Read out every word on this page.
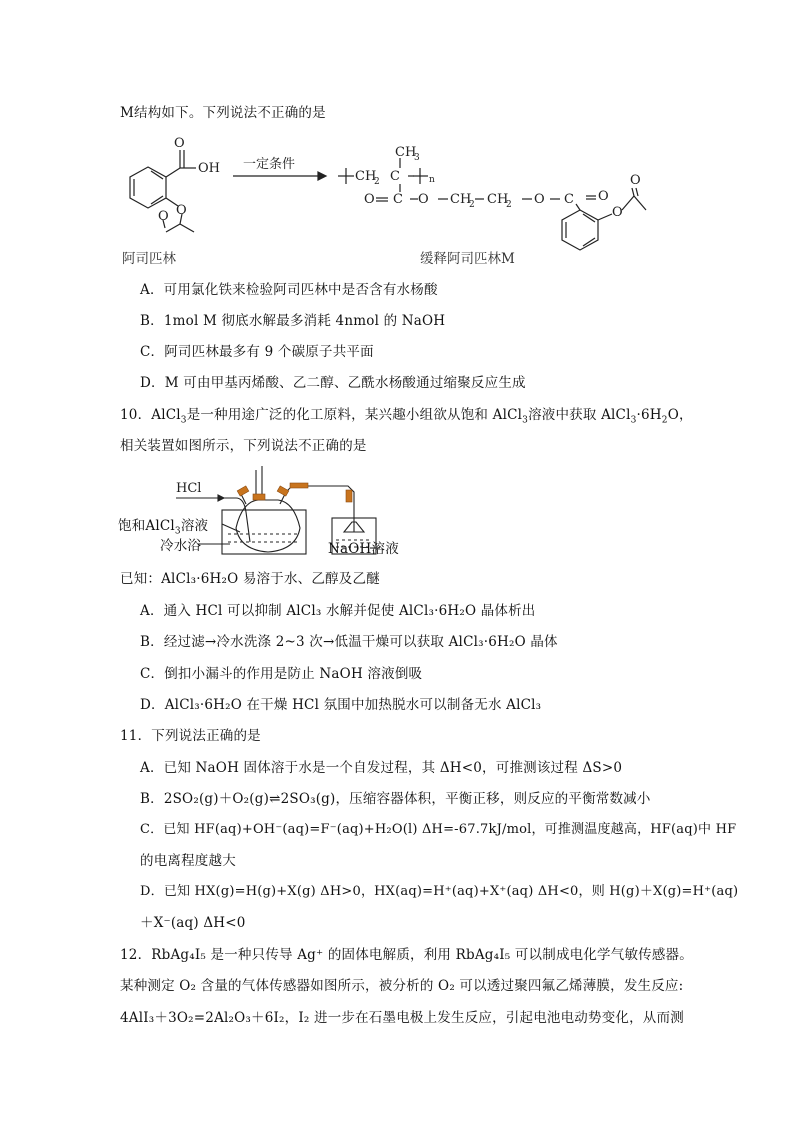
M结构如下。下列说法不正确的是
O
OH
O
O
CH
2 C
CH
3
n
O C O CH
2 CH
2 O C O
O
O
一定条件
阿司匹林	缓释阿司匹林M
A．可用氯化铁来检验阿司匹林中是否含有水杨酸
B．1mol M 彻底水解最多消耗 4nmol 的 NaOH
C．阿司匹林最多有 9 个碳原子共平面
D．M 可由甲基丙烯酸、乙二醇、乙酰水杨酸通过缩聚反应生成
10．AlCl$_3$是一种用途广泛的化工原料，某兴趣小组欲从饱和 AlCl$_3$溶液中获取 $AlCl_3\cdot 6H_2O$，
相关装置如图所示，下列说法不正确的是
HCl
饱和AlCl$_3$溶液
冷水浴	NaOH溶液
已知：AlCl₃·6H₂O 易溶于水、乙醇及乙醚
A．通入 HCl 可以抑制 AlCl₃ 水解并促使 AlCl₃·6H₂O 晶体析出
B．经过滤→冷水洗涤 2~3 次→低温干燥可以获取 AlCl₃·6H₂O 晶体
C．倒扣小漏斗的作用是防止 NaOH 溶液倒吸
D．AlCl₃·6H₂O 在干燥 HCl 氛围中加热脱水可以制备无水 AlCl₃
11．下列说法正确的是
A．已知 NaOH 固体溶于水是一个自发过程，其 ΔH<0，可推测该过程 ΔS>0
B．2SO₂(g)＋O₂(g)⇌2SO₃(g)，压缩容器体积，平衡正移，则反应的平衡常数减小
C．已知 HF(aq)+OH⁻(aq)=F⁻(aq)+H₂O(l) ΔH=-67.7kJ/mol，可推测温度越高，HF(aq)中 HF
的电离程度越大
D．已知 HX(g)=H(g)+X(g) ΔH>0，HX(aq)=H⁺(aq)+X⁺(aq) ΔH<0，则 H(g)＋X(g)=H⁺(aq)
＋X⁻(aq) ΔH<0
12．RbAg₄I₅ 是一种只传导 Ag⁺ 的固体电解质，利用 RbAg₄I₅ 可以制成电化学气敏传感器。
某种测定 O₂ 含量的气体传感器如图所示，被分析的 O₂ 可以透过聚四氟乙烯薄膜，发生反应:
4AlI₃＋3O₂=2Al₂O₃＋6I₂，I₂ 进一步在石墨电极上发生反应，引起电池电动势变化，从而测
